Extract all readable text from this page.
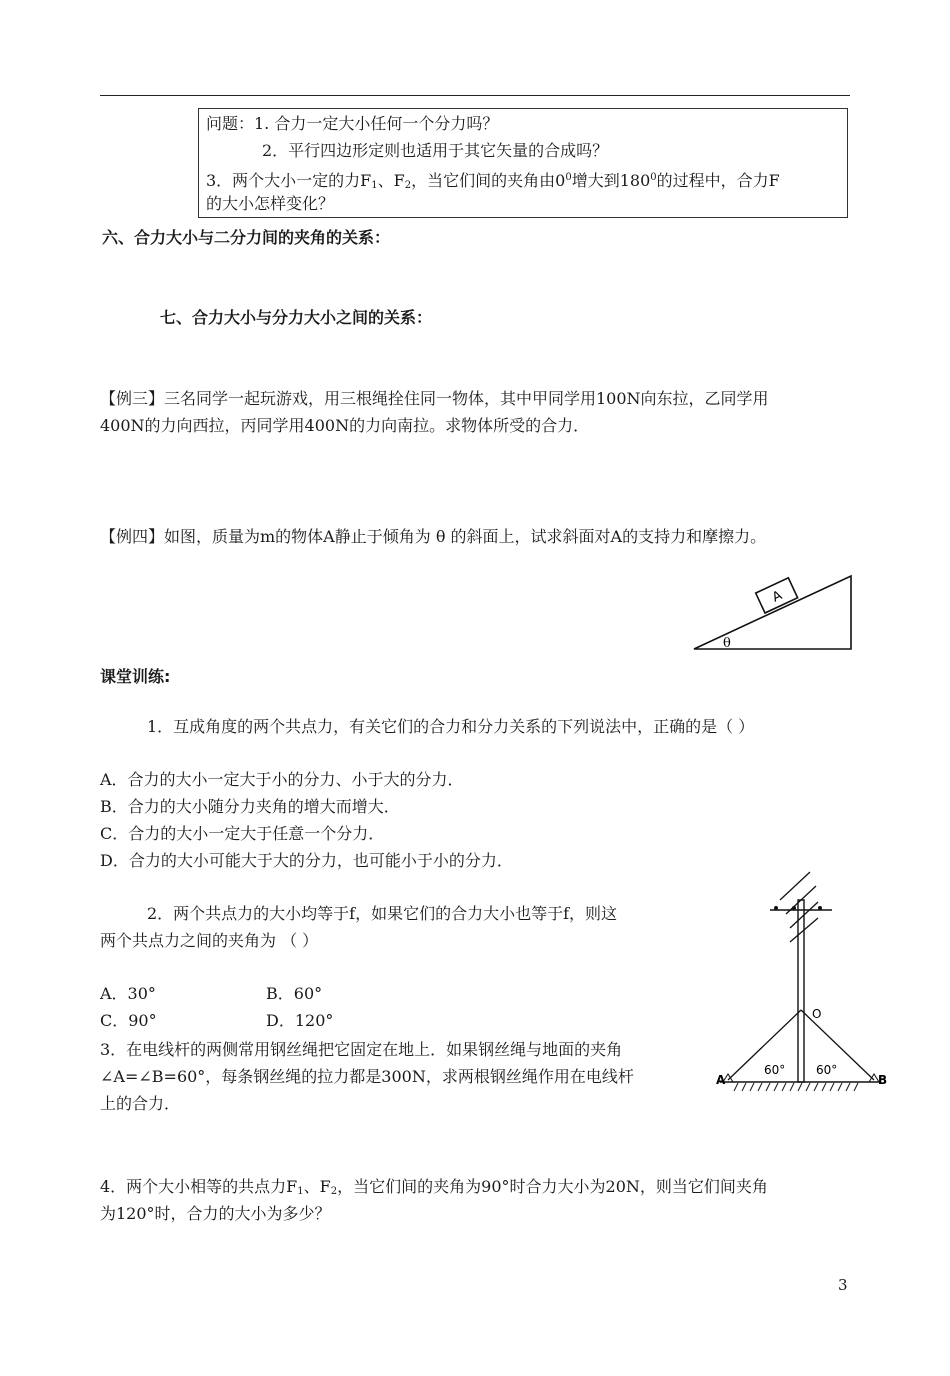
问题：1. 合力一定大小任何一个分力吗？
2．平行四边形定则也适用于其它矢量的合成吗？
3．两个大小一定的力$F_1$、$F_2$，当它们间的夹角由$0^0$增大到$180^0$的过程中，合力F
的大小怎样变化？
六、合力大小与二分力间的夹角的关系：
七、合力大小与分力大小之间的关系：
【例三】三名同学一起玩游戏，用三根绳拴住同一物体，其中甲同学用100N向东拉，乙同学用
400N的力向西拉，丙同学用400N的力向南拉。求物体所受的合力．
【例四】如图，质量为m的物体A静止于倾角为 θ 的斜面上，试求斜面对A的支持力和摩擦力。
A
θ
课堂训练:
1．互成角度的两个共点力，有关它们的合力和分力关系的下列说法中，正确的是（ ）
A．合力的大小一定大于小的分力、小于大的分力．
B．合力的大小随分力夹角的增大而增大．
C．合力的大小一定大于任意一个分力．
D．合力的大小可能大于大的分力，也可能小于小的分力．
2．两个共点力的大小均等于f，如果它们的合力大小也等于f，则这
两个共点力之间的夹角为 （ ）
A．30°	B．60°
C．90°	D．120°
3．在电线杆的两侧常用钢丝绳把它固定在地上．如果钢丝绳与地面的夹角
∠A=∠B=60°，每条钢丝绳的拉力都是300N，求两根钢丝绳作用在电线杆
上的合力．
4．两个大小相等的共点力$F_1$、$F_2$，当它们间的夹角为90°时合力大小为20N，则当它们间夹角
为120°时，合力的大小为多少？
O
A	B
60°	60°
3
